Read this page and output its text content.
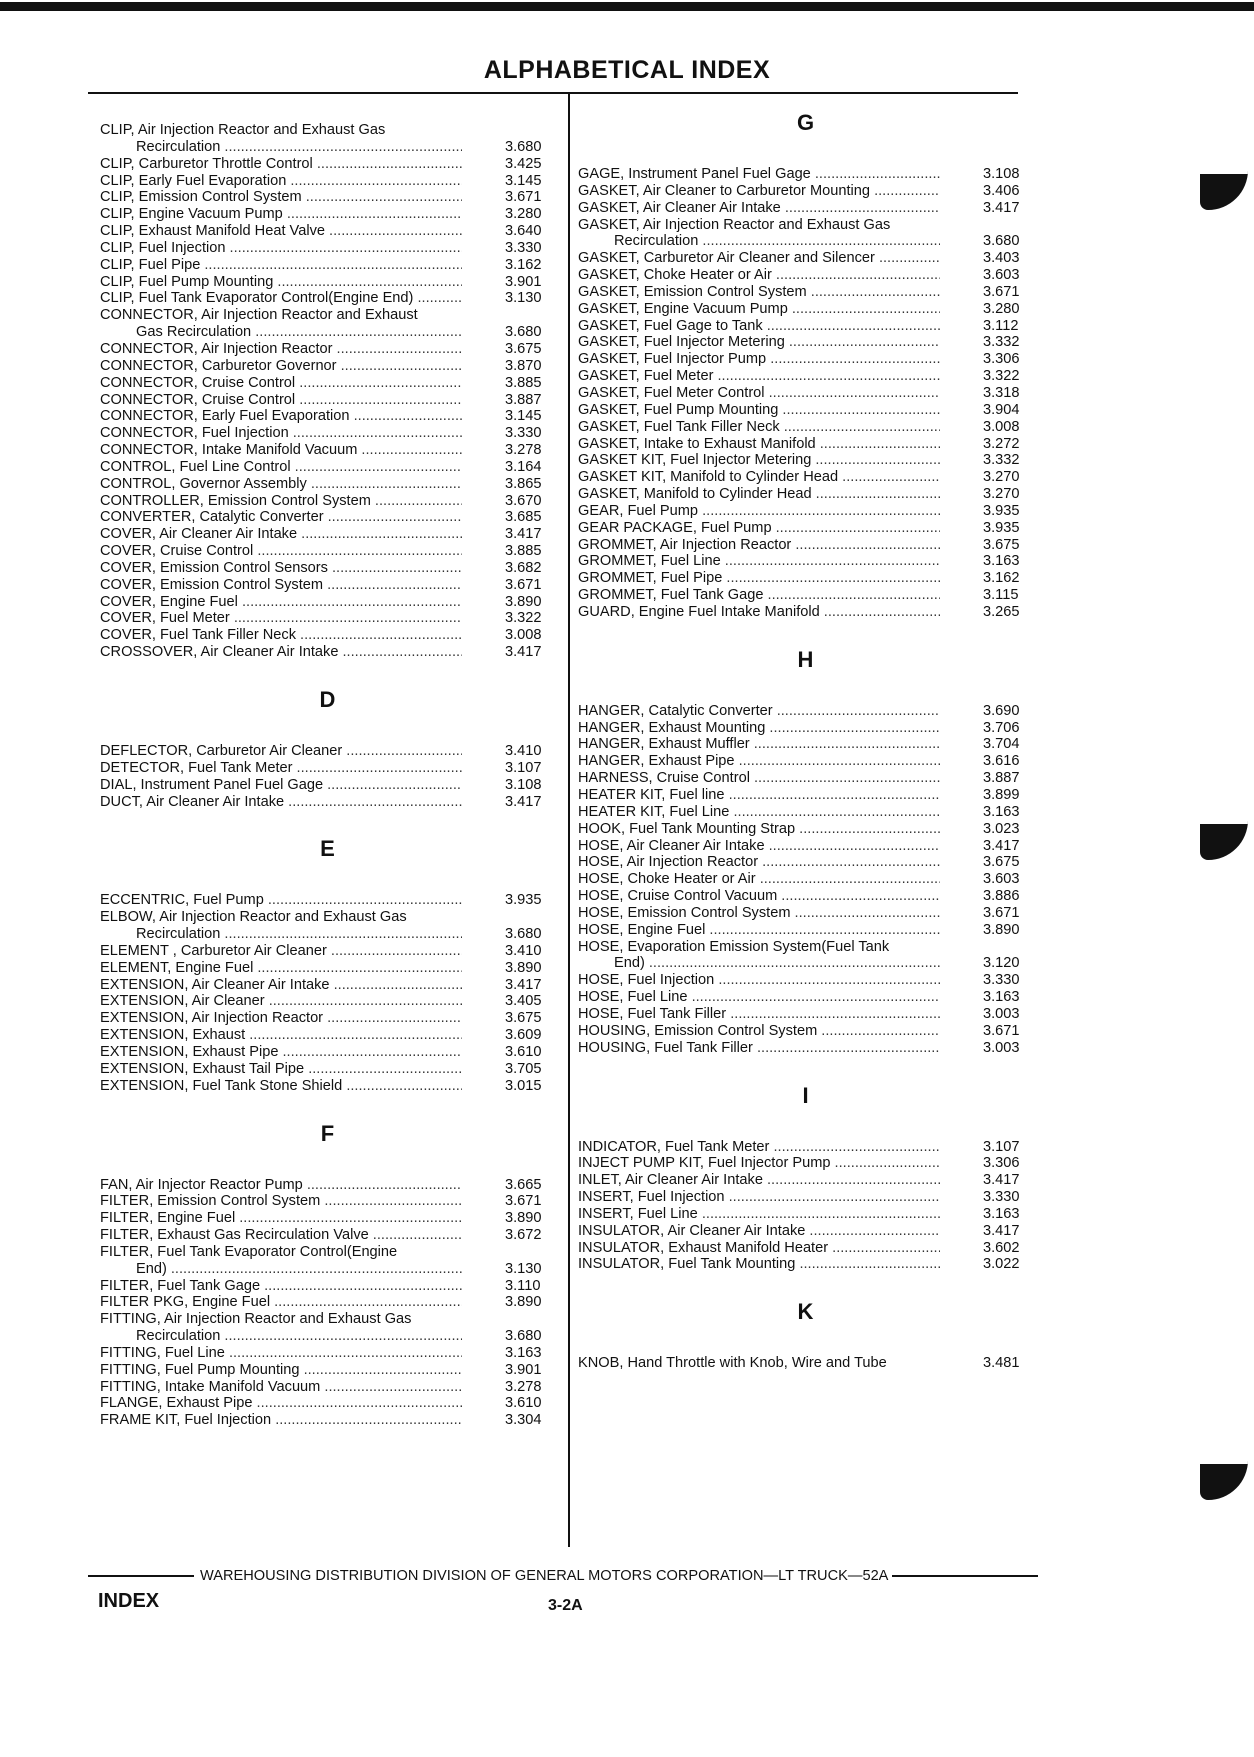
ALPHABETICAL INDEX
CLIP, Air Injection Reactor and Exhaust Gas
Recirculation .....	3.680
CLIP, Carburetor Throttle Control .....	3.425
CLIP, Early Fuel Evaporation .....	3.145
CLIP, Emission Control System .....	3.671
CLIP, Engine Vacuum Pump .....	3.280
CLIP, Exhaust Manifold Heat Valve .....	3.640
CLIP, Fuel Injection .....	3.330
CLIP, Fuel Pipe .....	3.162
CLIP, Fuel Pump Mounting .....	3.901
CLIP, Fuel Tank Evaporator Control(Engine End) .....	3.130
CONNECTOR, Air Injection Reactor and Exhaust
Gas Recirculation .....	3.680
CONNECTOR, Air Injection Reactor .....	3.675
CONNECTOR, Carburetor Governor .....	3.870
CONNECTOR, Cruise Control .....	3.885
CONNECTOR, Cruise Control .....	3.887
CONNECTOR, Early Fuel Evaporation .....	3.145
CONNECTOR, Fuel Injection .....	3.330
CONNECTOR, Intake Manifold Vacuum .....	3.278
CONTROL, Fuel Line Control .....	3.164
CONTROL, Governor Assembly .....	3.865
CONTROLLER, Emission Control System .....	3.670
CONVERTER, Catalytic Converter .....	3.685
COVER, Air Cleaner Air Intake .....	3.417
COVER, Cruise Control .....	3.885
COVER, Emission Control Sensors .....	3.682
COVER, Emission Control System .....	3.671
COVER, Engine Fuel .....	3.890
COVER, Fuel Meter .....	3.322
COVER, Fuel Tank Filler Neck .....	3.008
CROSSOVER, Air Cleaner Air Intake .....	3.417
D
DEFLECTOR, Carburetor Air Cleaner .....	3.410
DETECTOR, Fuel Tank Meter .....	3.107
DIAL, Instrument Panel Fuel Gage .....	3.108
DUCT, Air Cleaner Air Intake .....	3.417
E
ECCENTRIC, Fuel Pump .....	3.935
ELBOW, Air Injection Reactor and Exhaust Gas
Recirculation .....	3.680
ELEMENT , Carburetor Air Cleaner .....	3.410
ELEMENT, Engine Fuel .....	3.890
EXTENSION, Air Cleaner Air Intake .....	3.417
EXTENSION, Air Cleaner .....	3.405
EXTENSION, Air Injection Reactor .....	3.675
EXTENSION, Exhaust .....	3.609
EXTENSION, Exhaust Pipe .....	3.610
EXTENSION, Exhaust Tail Pipe .....	3.705
EXTENSION, Fuel Tank Stone Shield .....	3.015
F
FAN, Air Injector Reactor Pump .....	3.665
FILTER, Emission Control System .....	3.671
FILTER, Engine Fuel .....	3.890
FILTER, Exhaust Gas Recirculation Valve .....	3.672
FILTER, Fuel Tank Evaporator Control(Engine
End) .....	3.130
FILTER, Fuel Tank Gage .....	3.110
FILTER PKG, Engine Fuel .....	3.890
FITTING, Air Injection Reactor and Exhaust Gas
Recirculation .....	3.680
FITTING, Fuel Line .....	3.163
FITTING, Fuel Pump Mounting .....	3.901
FITTING, Intake Manifold Vacuum .....	3.278
FLANGE, Exhaust Pipe .....	3.610
FRAME KIT, Fuel Injection .....	3.304
G
GAGE, Instrument Panel Fuel Gage .....	3.108
GASKET, Air Cleaner to Carburetor Mounting .....	3.406
GASKET, Air Cleaner Air Intake .....	3.417
GASKET, Air Injection Reactor and Exhaust Gas
Recirculation .....	3.680
GASKET, Carburetor Air Cleaner and Silencer .....	3.403
GASKET, Choke Heater or Air .....	3.603
GASKET, Emission Control System .....	3.671
GASKET, Engine Vacuum Pump .....	3.280
GASKET, Fuel Gage to Tank .....	3.112
GASKET, Fuel Injector Metering .....	3.332
GASKET, Fuel Injector Pump .....	3.306
GASKET, Fuel Meter .....	3.322
GASKET, Fuel Meter Control .....	3.318
GASKET, Fuel Pump Mounting .....	3.904
GASKET, Fuel Tank Filler Neck .....	3.008
GASKET, Intake to Exhaust Manifold .....	3.272
GASKET KIT, Fuel Injector Metering .....	3.332
GASKET KIT, Manifold to Cylinder Head .....	3.270
GASKET, Manifold to Cylinder Head .....	3.270
GEAR, Fuel Pump .....	3.935
GEAR PACKAGE, Fuel Pump .....	3.935
GROMMET, Air Injection Reactor .....	3.675
GROMMET, Fuel Line .....	3.163
GROMMET, Fuel Pipe .....	3.162
GROMMET, Fuel Tank Gage .....	3.115
GUARD, Engine Fuel Intake Manifold .....	3.265
H
HANGER, Catalytic Converter .....	3.690
HANGER, Exhaust Mounting .....	3.706
HANGER, Exhaust Muffler .....	3.704
HANGER, Exhaust Pipe .....	3.616
HARNESS, Cruise Control .....	3.887
HEATER KIT, Fuel line .....	3.899
HEATER KIT, Fuel Line .....	3.163
HOOK, Fuel Tank Mounting Strap .....	3.023
HOSE, Air Cleaner Air Intake .....	3.417
HOSE, Air Injection Reactor .....	3.675
HOSE, Choke Heater or Air .....	3.603
HOSE, Cruise Control Vacuum .....	3.886
HOSE, Emission Control System .....	3.671
HOSE, Engine Fuel .....	3.890
HOSE, Evaporation Emission System(Fuel Tank
End) .....	3.120
HOSE, Fuel Injection .....	3.330
HOSE, Fuel Line .....	3.163
HOSE, Fuel Tank Filler .....	3.003
HOUSING, Emission Control System .....	3.671
HOUSING, Fuel Tank Filler .....	3.003
I
INDICATOR, Fuel Tank Meter .....	3.107
INJECT PUMP KIT, Fuel Injector Pump .....	3.306
INLET, Air Cleaner Air Intake .....	3.417
INSERT, Fuel Injection .....	3.330
INSERT, Fuel Line .....	3.163
INSULATOR, Air Cleaner Air Intake .....	3.417
INSULATOR, Exhaust Manifold Heater .....	3.602
INSULATOR, Fuel Tank Mounting .....	3.022
K
KNOB, Hand Throttle with Knob, Wire and Tube	3.481
WAREHOUSING DISTRIBUTION DIVISION OF GENERAL MOTORS CORPORATION—LT TRUCK—52A
INDEX	3-2A
